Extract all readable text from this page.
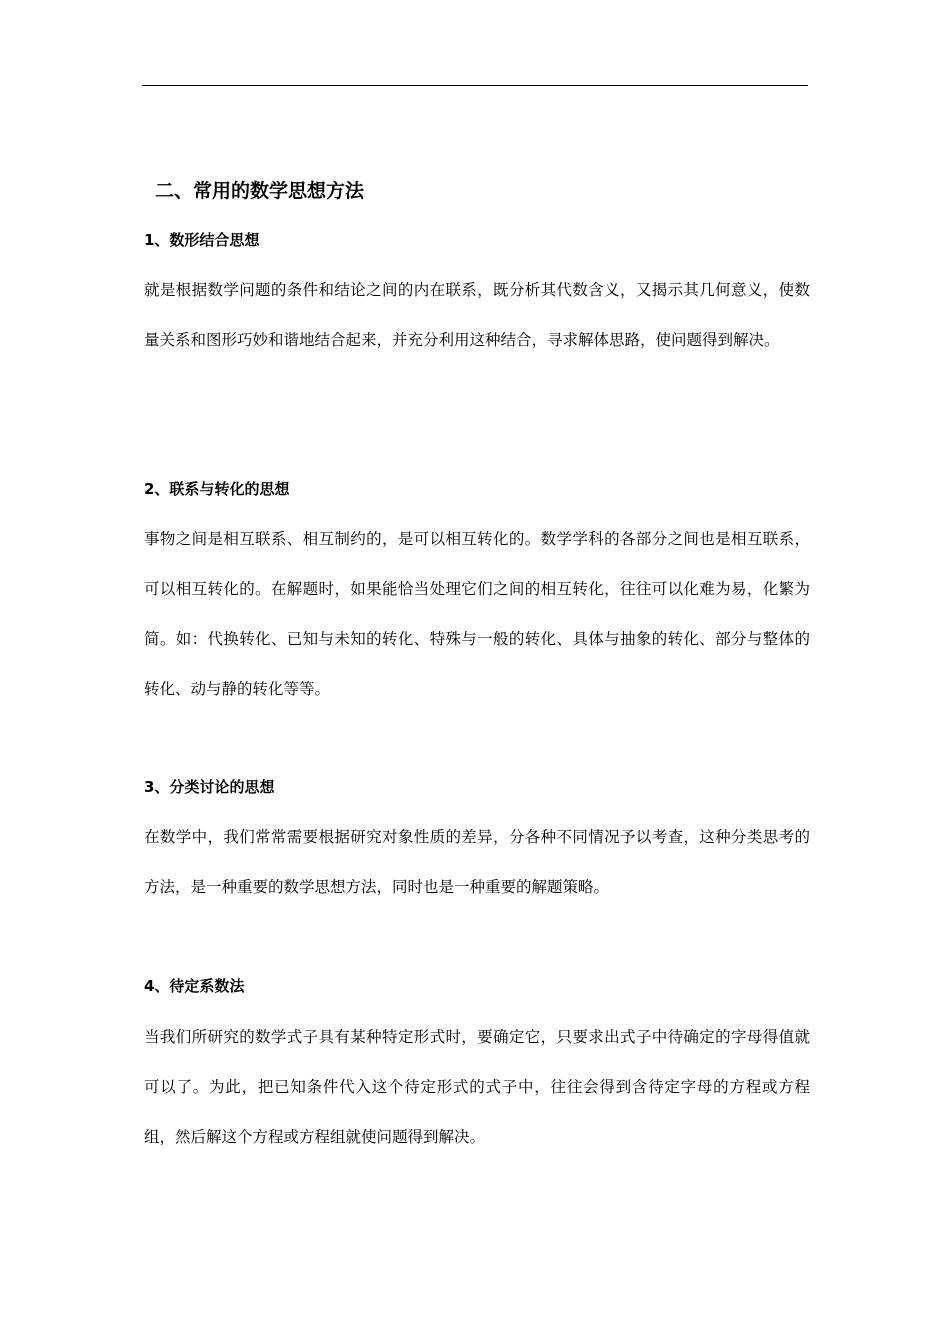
二、常用的数学思想方法
1、数形结合思想
就是根据数学问题的条件和结论之间的内在联系，既分析其代数含义，又揭示其几何意义，使数量关系和图形巧妙和谐地结合起来，并充分利用这种结合，寻求解体思路，使问题得到解决。
2、联系与转化的思想
事物之间是相互联系、相互制约的，是可以相互转化的。数学学科的各部分之间也是相互联系，可以相互转化的。在解题时，如果能恰当处理它们之间的相互转化，往往可以化难为易，化繁为简。如：代换转化、已知与未知的转化、特殊与一般的转化、具体与抽象的转化、部分与整体的转化、动与静的转化等等。
3、分类讨论的思想
在数学中，我们常常需要根据研究对象性质的差异，分各种不同情况予以考查，这种分类思考的方法，是一种重要的数学思想方法，同时也是一种重要的解题策略。
4、待定系数法
当我们所研究的数学式子具有某种特定形式时，要确定它，只要求出式子中待确定的字母得值就可以了。为此，把已知条件代入这个待定形式的式子中，往往会得到含待定字母的方程或方程组，然后解这个方程或方程组就使问题得到解决。
